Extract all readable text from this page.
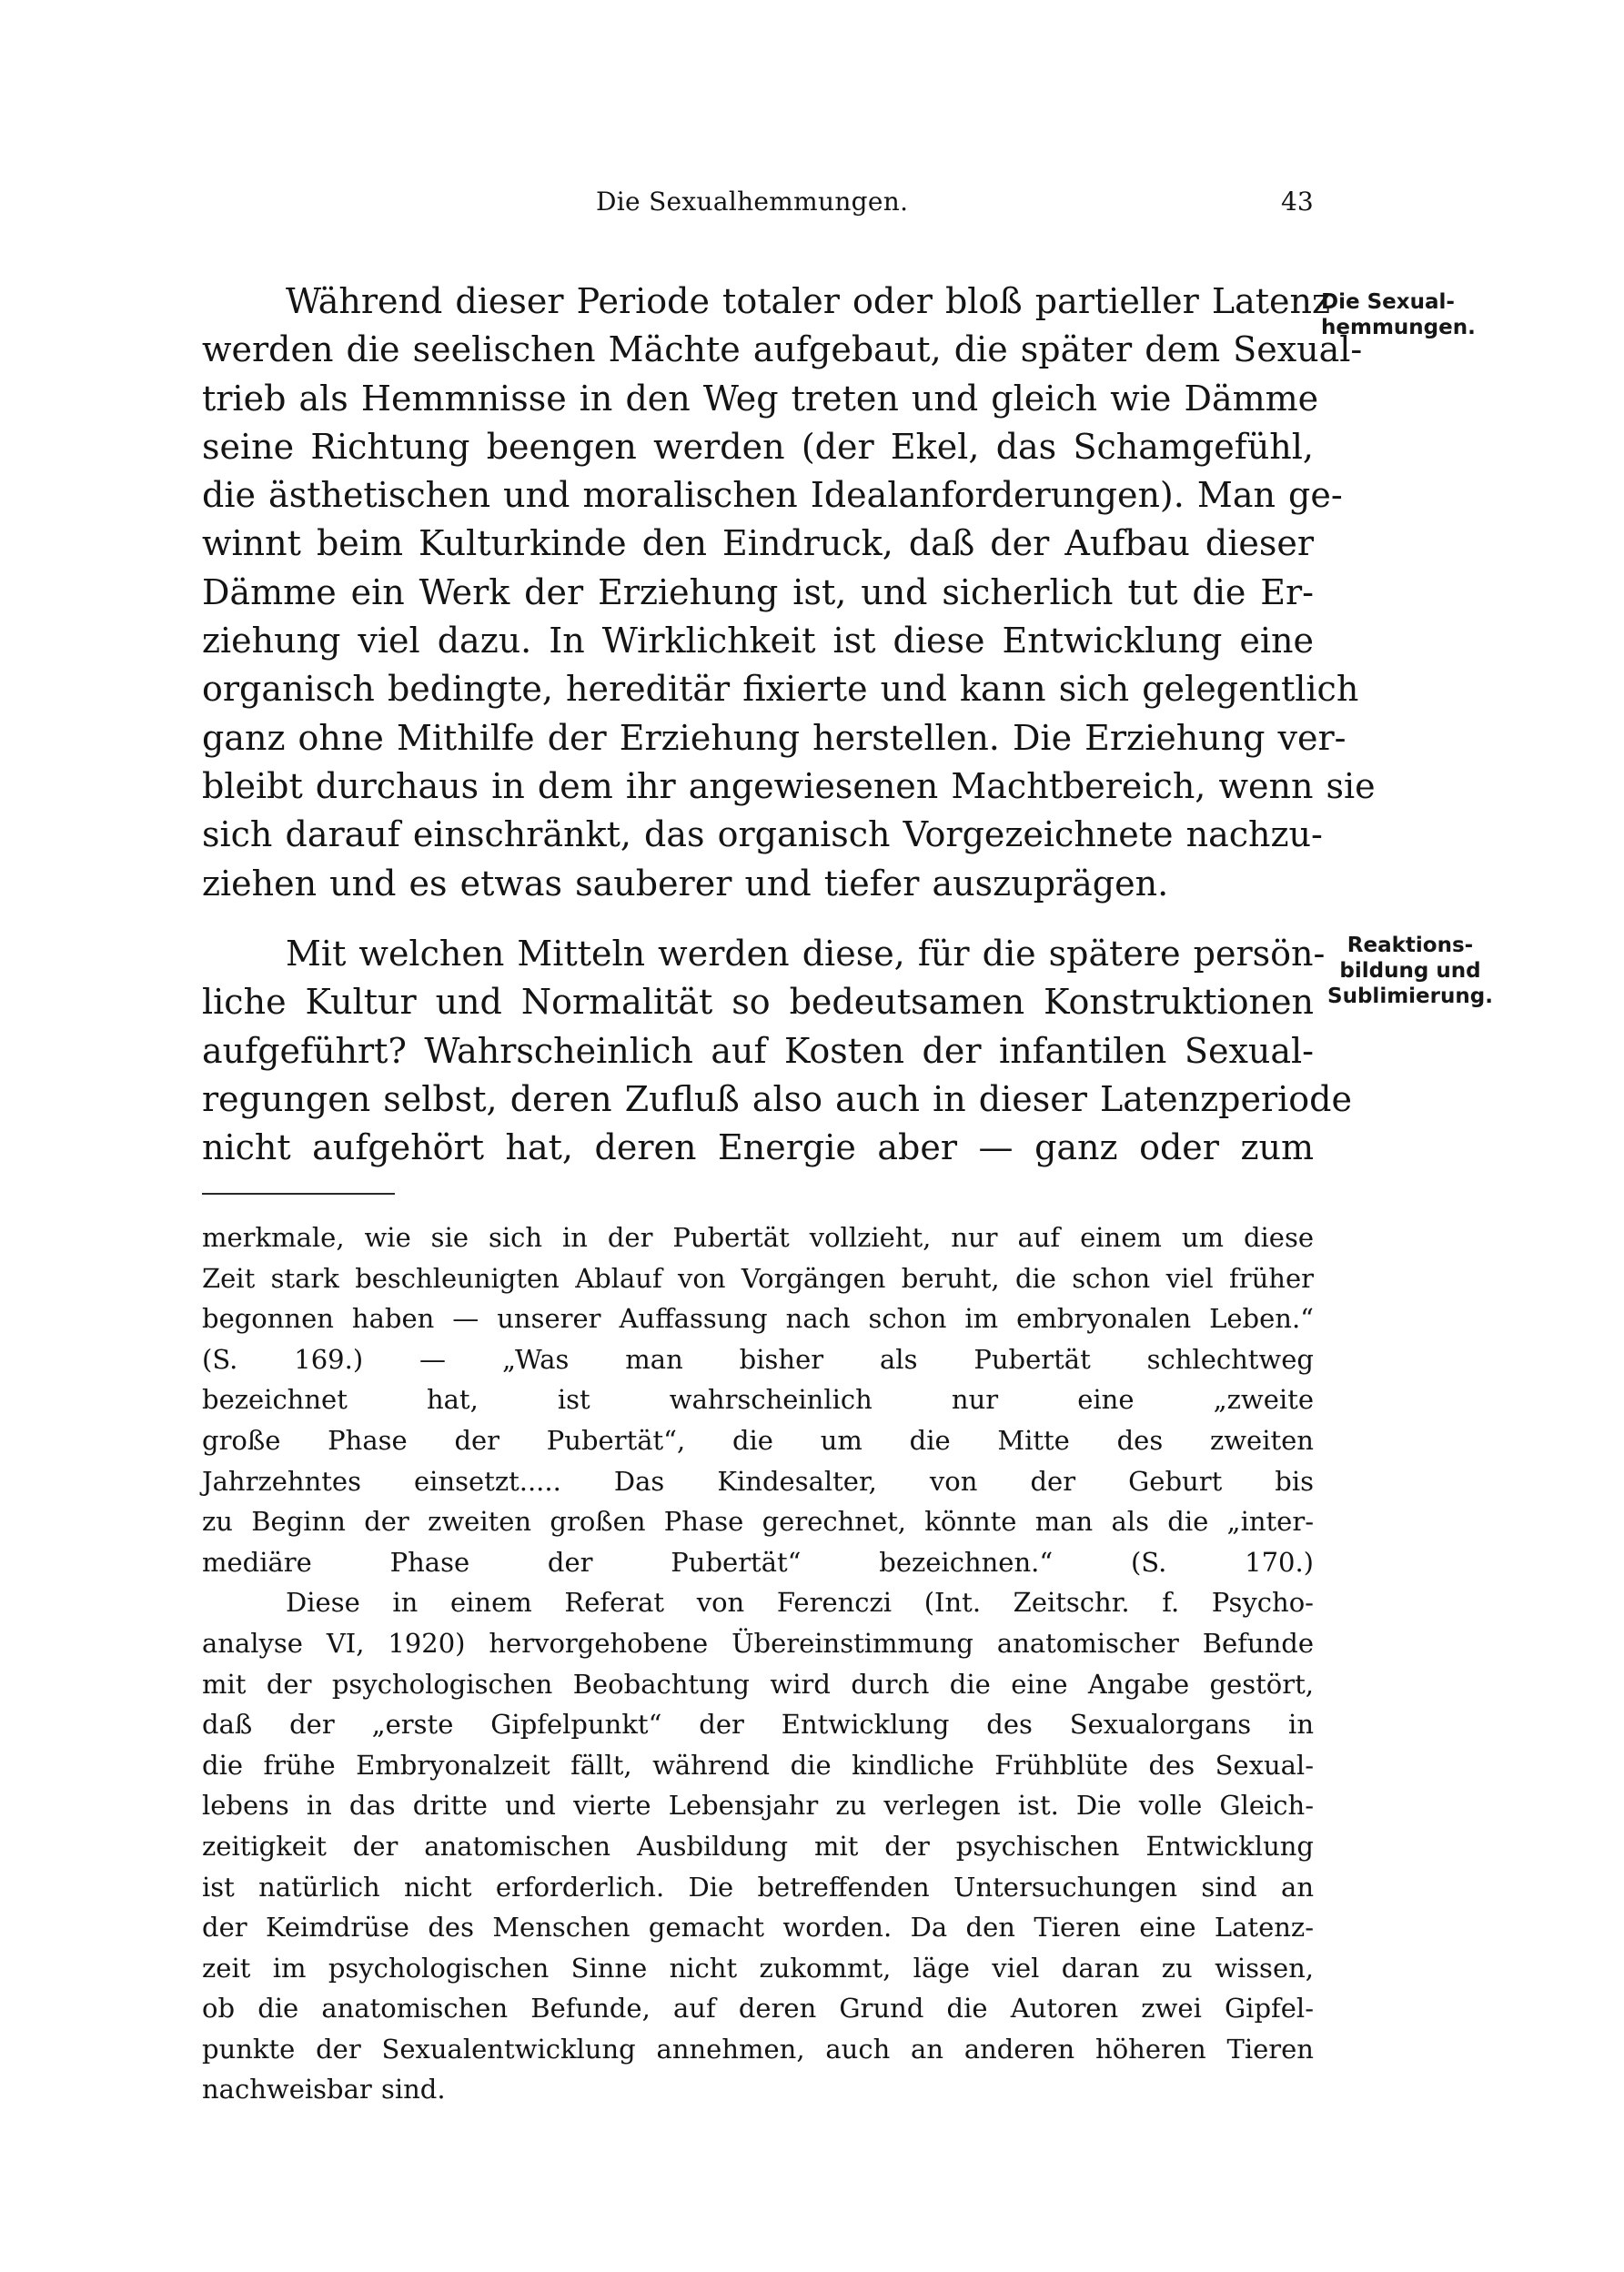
Die Sexualhemmungen.	43
Während dieser Periode totaler oder bloß partieller Latenz
werden die seelischen Mächte aufgebaut, die später dem Sexual-
trieb als Hemmnisse in den Weg treten und gleich wie Dämme
seine Richtung beengen werden (der Ekel, das Schamgefühl,
die ästhetischen und moralischen Idealanforderungen). Man ge-
winnt beim Kulturkinde den Eindruck, daß der Aufbau dieser
Dämme ein Werk der Erziehung ist, und sicherlich tut die Er-
ziehung viel dazu. In Wirklichkeit ist diese Entwicklung eine
organisch bedingte, hereditär fixierte und kann sich gelegentlich
ganz ohne Mithilfe der Erziehung herstellen. Die Erziehung ver-
bleibt durchaus in dem ihr angewiesenen Machtbereich, wenn sie
sich darauf einschränkt, das organisch Vorgezeichnete nachzu-
ziehen und es etwas sauberer und tiefer auszuprägen.
Die Sexual-
hemmungen.
Mit welchen Mitteln werden diese, für die spätere persön-
liche Kultur und Normalität so bedeutsamen Konstruktionen
aufgeführt? Wahrscheinlich auf Kosten der infantilen Sexual-
regungen selbst, deren Zufluß also auch in dieser Latenzperiode
nicht aufgehört hat, deren Energie aber — ganz oder zum
Reaktions-
bildung und
Sublimierung.
merkmale, wie sie sich in der Pubertät vollzieht, nur auf einem um diese
Zeit stark beschleunigten Ablauf von Vorgängen beruht, die schon viel früher
begonnen haben — unserer Auffassung nach schon im embryonalen Leben.“
(S. 169.) — „Was man bisher als Pubertät schlechtweg
bezeichnet hat, ist wahrscheinlich nur eine „zweite
große Phase der Pubertät“, die um die Mitte des zweiten
Jahrzehntes einsetzt..... Das Kindesalter, von der Geburt bis
zu Beginn der zweiten großen Phase gerechnet, könnte man als die „inter-
mediäre Phase der Pubertät“ bezeichnen.“ (S. 170.)
Diese in einem Referat von Ferenczi (Int. Zeitschr. f. Psycho-
analyse VI, 1920) hervorgehobene Übereinstimmung anatomischer Befunde
mit der psychologischen Beobachtung wird durch die eine Angabe gestört,
daß der „erste Gipfelpunkt“ der Entwicklung des Sexualorgans in
die frühe Embryonalzeit fällt, während die kindliche Frühblüte des Sexual-
lebens in das dritte und vierte Lebensjahr zu verlegen ist. Die volle Gleich-
zeitigkeit der anatomischen Ausbildung mit der psychischen Entwicklung
ist natürlich nicht erforderlich. Die betreffenden Untersuchungen sind an
der Keimdrüse des Menschen gemacht worden. Da den Tieren eine Latenz-
zeit im psychologischen Sinne nicht zukommt, läge viel daran zu wissen,
ob die anatomischen Befunde, auf deren Grund die Autoren zwei Gipfel-
punkte der Sexualentwicklung annehmen, auch an anderen höheren Tieren
nachweisbar sind.
